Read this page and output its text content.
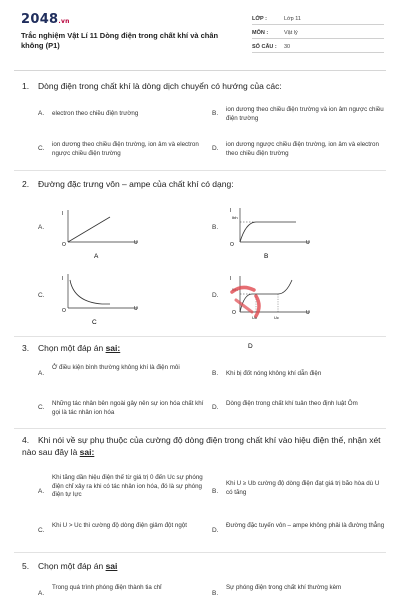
2048.vn
Trắc nghiệm Vật Lí 11 Dòng điện trong chất khí và chân không (P1)
LỚP :	Lớp 11
MÔN :	Vật lý
SỐ CÂU : 30
1. Dòng điện trong chất khí là dòng dịch chuyển có hướng của các:
A. electron theo chiều điện trường	B.
ion dương theo chiều điện trường và ion âm ngược chiều điện trường
C.
ion dương theo chiều điện trường, ion âm và electron ngược chiều điện trường
D.
ion dương ngược chiều điện trường, ion âm và electron theo chiều điện trường
2. Đường đặc trưng vôn – ampe của chất khí có dạng:
A.
I
O	U
A
B.
I
Ibh
O	U
B
C.
I
O	U
C
D.
I
Ibh
O	U
Ub	Uc
D
3. Chọn một đáp án sai:
A.
Ở điều kiện bình thường không khí là điện môi
B. Khi bị đốt nóng không khí dẫn điện
C.
Những tác nhân bên ngoài gây nên sự ion hóa chất khí gọi là tác nhân ion hóa
D.
Dòng điện trong chất khí tuân theo định luật Ôm
4. Khi nói về sự phụ thuộc của cường độ dòng điện trong chất khí vào hiệu điện thế, nhận xét nào sau đây là sai:
A.
Khi tăng dần hiệu điện thế từ giá trị 0 đến Uc sự phóng điện chỉ xảy ra khi có tác nhân ion hóa, đó là sự phóng điện tự lực	B.
Khi U ≥ Ub cường độ dòng điện đạt giá trị bão hòa dù U có tăng
C.
Khi U > Uc thì cường độ dòng điện giảm đột ngột
D.
Đường đặc tuyến vôn – ampe không phải là đường thẳng
5. Chọn một đáp án sai
A.
Trong quá trình phóng điện thành tia chỉ
B.
Sự phóng điện trong chất khí thường kèm
